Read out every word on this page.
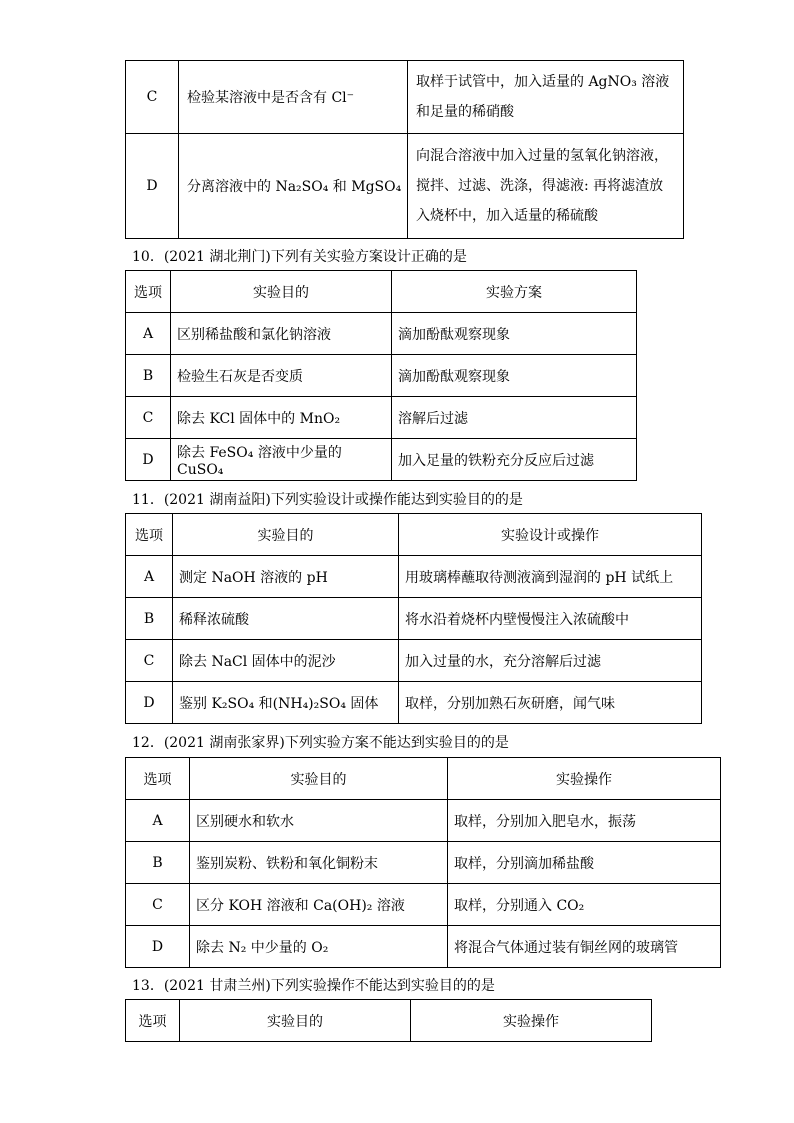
C	检验某溶液中是否含有 Cl⁻	取样于试管中，加入适量的 AgNO₃ 溶液和足量的稀硝酸
D	分离溶液中的 Na₂SO₄ 和 MgSO₄	向混合溶液中加入过量的氢氧化钠溶液，搅拌、过滤、洗涤，得滤液: 再将滤渣放入烧杯中，加入适量的稀硫酸
10．(2021 湖北荆门)下列有关实验方案设计正确的是
选项	实验目的	实验方案
A	区别稀盐酸和氯化钠溶液	滴加酚酞观察现象
B	检验生石灰是否变质	滴加酚酞观察现象
C	除去 KCl 固体中的 MnO₂	溶解后过滤
D	除去 FeSO₄ 溶液中少量的 CuSO₄	加入足量的铁粉充分反应后过滤
11．(2021 湖南益阳)下列实验设计或操作能达到实验目的的是
选项	实验目的	实验设计或操作
A	测定 NaOH 溶液的 pH	用玻璃棒蘸取待测液滴到湿润的 pH 试纸上
B	稀释浓硫酸	将水沿着烧杯内壁慢慢注入浓硫酸中
C	除去 NaCl 固体中的泥沙	加入过量的水，充分溶解后过滤
D	鉴别 K₂SO₄ 和(NH₄)₂SO₄ 固体	取样，分别加熟石灰研磨，闻气味
12．(2021 湖南张家界)下列实验方案不能达到实验目的的是
选项	实验目的	实验操作
A	区别硬水和软水	取样，分别加入肥皂水，振荡
B	鉴别炭粉、铁粉和氧化铜粉末	取样，分别滴加稀盐酸
C	区分 KOH 溶液和 Ca(OH)₂ 溶液	取样，分别通入 CO₂
D	除去 N₂ 中少量的 O₂	将混合气体通过装有铜丝网的玻璃管
13．(2021 甘肃兰州)下列实验操作不能达到实验目的的是
选项	实验目的	实验操作
